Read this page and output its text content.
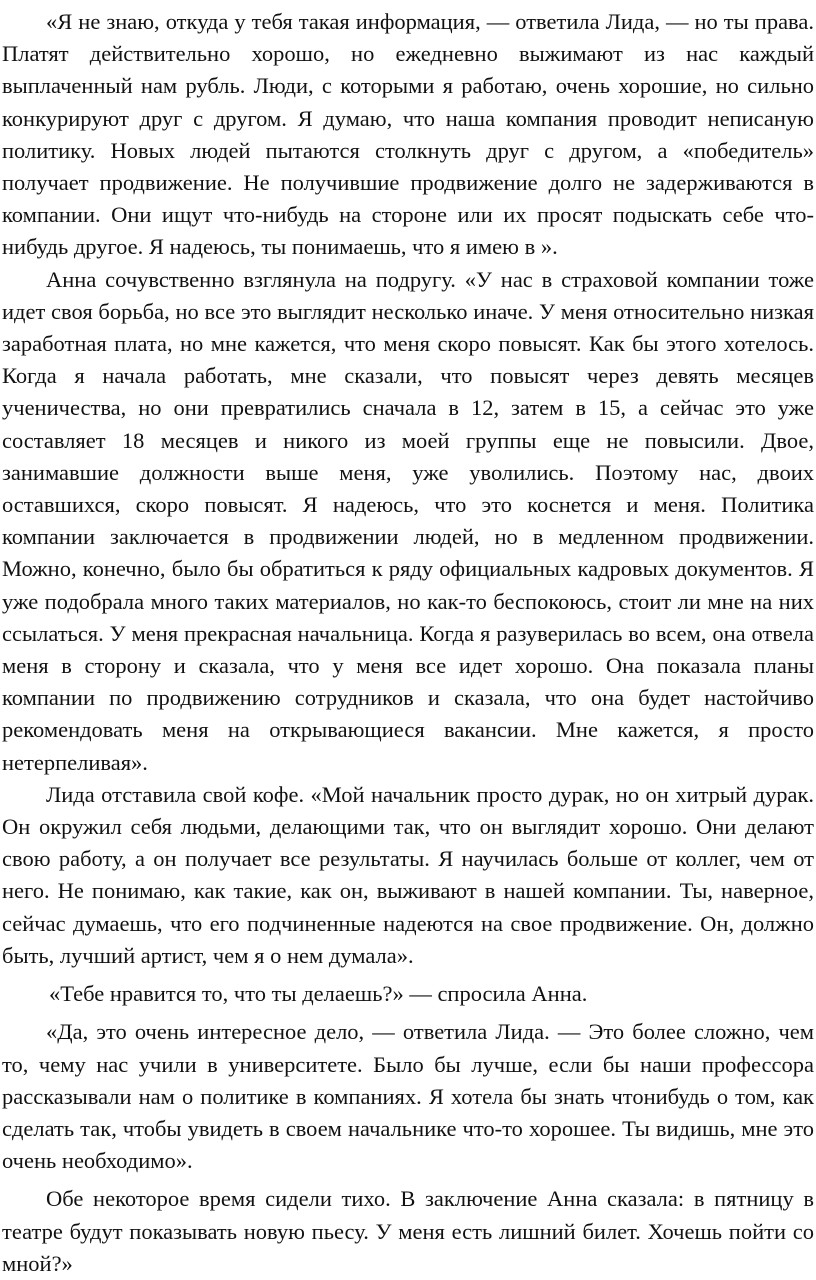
«Я не знаю, откуда у тебя такая информация, — ответила Лида, — но ты права. Платят действительно хорошо, но ежедневно выжимают из нас каждый выплаченный нам рубль. Люди, с которыми я работаю, очень хорошие, но сильно конкурируют друг с другом. Я думаю, что наша компания проводит неписаную политику. Новых людей пытаются столкнуть друг с другом, а «победитель» получает продвижение. Не получившие продвижение долго не задерживаются в компании. Они ищут что-нибудь на стороне или их просят подыскать себе что-нибудь другое. Я надеюсь, ты понимаешь, что я имею в ».

Анна сочувственно взглянула на подругу. «У нас в страховой компании тоже идет своя борьба, но все это выглядит несколько иначе. У меня относительно низкая заработная плата, но мне кажется, что меня скоро повысят. Как бы этого хотелось. Когда я начала работать, мне сказали, что повысят через девять месяцев ученичества, но они превратились сначала в 12, затем в 15, а сейчас это уже составляет 18 месяцев и никого из моей группы еще не повысили. Двое, занимавшие должности выше меня, уже уволились. Поэтому нас, двоих оставшихся, скоро повысят. Я надеюсь, что это коснется и меня. Политика компании заключается в продвижении людей, но в медленном продвижении. Можно, конечно, было бы обратиться к ряду официальных кадровых документов. Я уже подобрала много таких материалов, но как-то беспокоюсь, стоит ли мне на них ссылаться. У меня прекрасная начальница. Когда я разуверилась во всем, она отвела меня в сторону и сказала, что у меня все идет хорошо. Она показала планы компании по продвижению сотрудников и сказала, что она будет настойчиво рекомендовать меня на открывающиеся вакансии. Мне кажется, я просто нетерпеливая».

Лида отставила свой кофе. «Мой начальник просто дурак, но он хитрый дурак. Он окружил себя людьми, делающими так, что он выглядит хорошо. Они делают свою работу, а он получает все результаты. Я научилась больше от коллег, чем от него. Не понимаю, как такие, как он, выживают в нашей компании. Ты, наверное, сейчас думаешь, что его подчиненные надеются на свое продвижение. Он, должно быть, лучший артист, чем я о нем думала».

«Тебе нравится то, что ты делаешь?» — спросила Анна.

«Да, это очень интересное дело, — ответила Лида. — Это более сложно, чем то, чему нас учили в университете. Было бы лучше, если бы наши профессора рассказывали нам о политике в компаниях. Я хотела бы знать чтонибудь о том, как сделать так, чтобы увидеть в своем начальнике что-то хорошее. Ты видишь, мне это очень необходимо».

Обе некоторое время сидели тихо. В заключение Анна сказала: в пятницу в театре будут показывать новую пьесу. У меня есть лишний билет. Хочешь пойти со мной?»
